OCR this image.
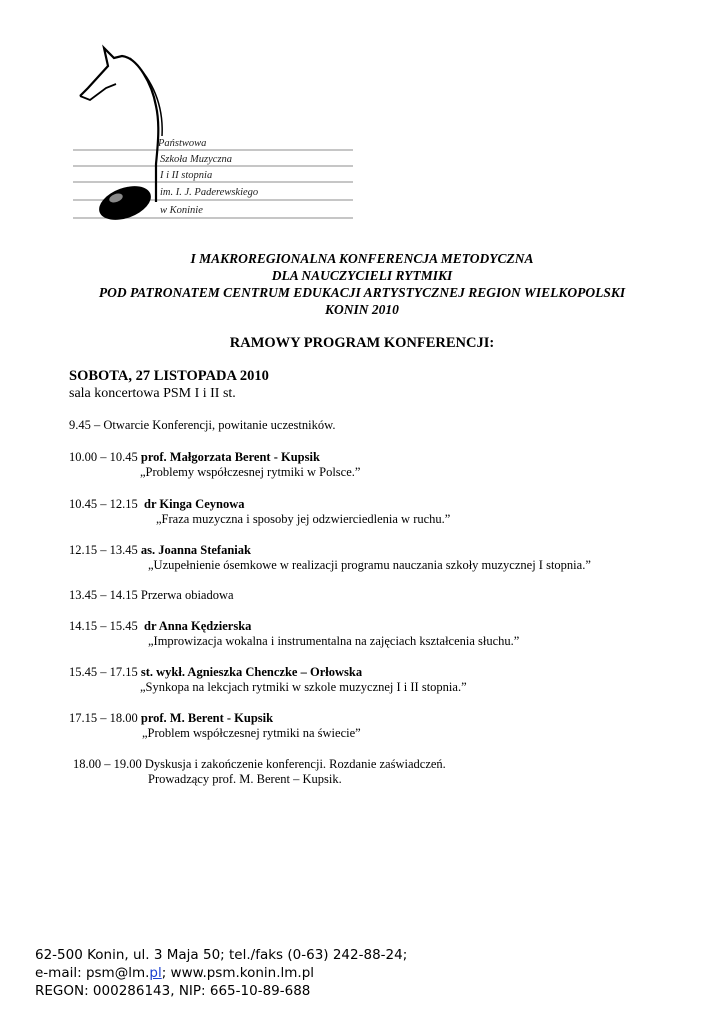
Państwowa
Szkoła Muzyczna
I i II stopnia
im. I. J. Paderewskiego
w Koninie
I MAKROREGIONALNA KONFERENCJA METODYCZNA
DLA NAUCZYCIELI RYTMIKI
POD PATRONATEM CENTRUM EDUKACJI ARTYSTYCZNEJ REGION WIELKOPOLSKI
KONIN 2010
RAMOWY PROGRAM KONFERENCJI:
SOBOTA, 27 LISTOPADA 2010
sala koncertowa PSM I i II st.
9.45 – Otwarcie Konferencji, powitanie uczestników.
10.00 – 10.45 prof. Małgorzata Berent - Kupsik
„Problemy współczesnej rytmiki w Polsce.”
10.45 – 12.15 dr Kinga Ceynowa
„Fraza muzyczna i sposoby jej odzwierciedlenia w ruchu.”
12.15 – 13.45 as. Joanna Stefaniak
„Uzupełnienie ósemkowe w realizacji programu nauczania szkoły muzycznej I stopnia.”
13.45 – 14.15 Przerwa obiadowa
14.15 – 15.45 dr Anna Kędzierska
„Improwizacja wokalna i instrumentalna na zajęciach kształcenia słuchu.”
15.45 – 17.15 st. wykł. Agnieszka Chenczke – Orłowska
„Synkopa na lekcjach rytmiki w szkole muzycznej I i II stopnia.”
17.15 – 18.00 prof. M. Berent - Kupsik
„Problem współczesnej rytmiki na świecie”
18.00 – 19.00 Dyskusja i zakończenie konferencji. Rozdanie zaświadczeń.
Prowadzący prof. M. Berent – Kupsik.
62-500 Konin, ul. 3 Maja 50; tel./faks (0-63) 242-88-24;
e-mail: psm@lm.pl; www.psm.konin.lm.pl
REGON: 000286143, NIP: 665-10-89-688
